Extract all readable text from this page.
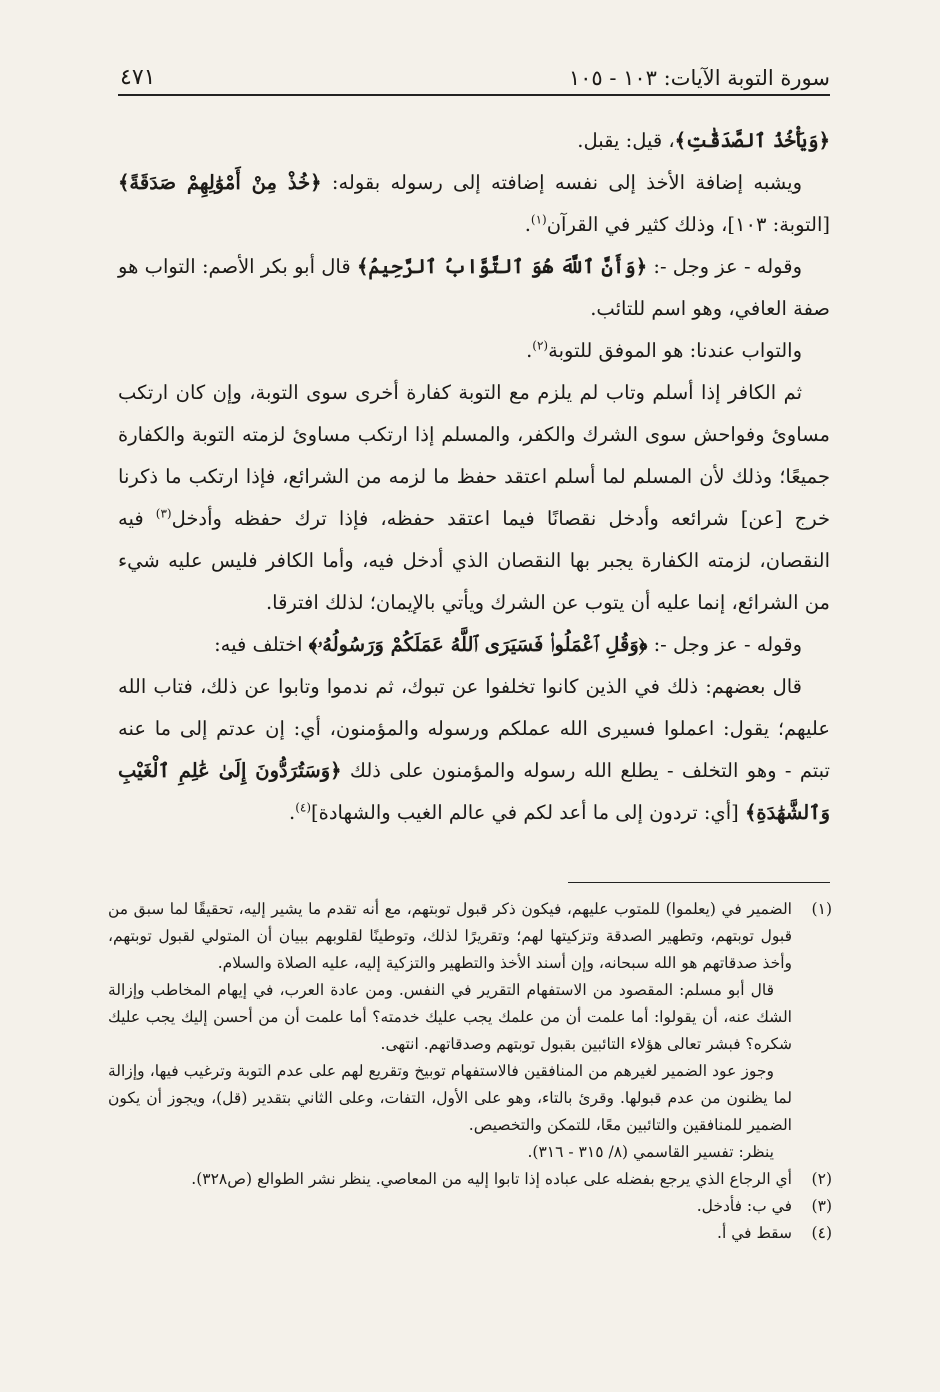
سورة التوبة الآيات: ١٠٣ - ١٠٥
٤٧١

﴿وَيَأْخُذُ ٱلصَّدَقَٰتِ﴾، قيل: يقبل.

ويشبه إضافة الأخذ إلى نفسه إضافته إلى رسوله بقوله: ﴿خُذْ مِنْ أَمْوَٰلِهِمْ صَدَقَةً﴾ [التوبة: ١٠٣]، وذلك كثير في القرآن$^{(١)}$.

وقوله - عز وجل -: ﴿وَأَنَّ ٱللَّهَ هُوَ ٱلتَّوَّابُ ٱلرَّحِيمُ﴾ قال أبو بكر الأصم: التواب هو صفة العافي، وهو اسم للتائب.

والتواب عندنا: هو الموفق للتوبة$^{(٢)}$.

ثم الكافر إذا أسلم وتاب لم يلزم مع التوبة كفارة أخرى سوى التوبة، وإن كان ارتكب مساوئ وفواحش سوى الشرك والكفر، والمسلم إذا ارتكب مساوئ لزمته التوبة والكفارة جميعًا؛ وذلك لأن المسلم لما أسلم اعتقد حفظ ما لزمه من الشرائع، فإذا ارتكب ما ذكرنا خرج [عن] شرائعه وأدخل نقصانًا فيما اعتقد حفظه، فإذا ترك حفظه وأدخل$^{(٣)}$ فيه النقصان، لزمته الكفارة يجبر بها النقصان الذي أدخل فيه، وأما الكافر فليس عليه شيء من الشرائع، إنما عليه أن يتوب عن الشرك ويأتي بالإيمان؛ لذلك افترقا.

وقوله - عز وجل -: ﴿وَقُلِ ٱعْمَلُوا۟ فَسَيَرَى ٱللَّهُ عَمَلَكُمْ وَرَسُولُهُۥ﴾ اختلف فيه:

قال بعضهم: ذلك في الذين كانوا تخلفوا عن تبوك، ثم ندموا وتابوا عن ذلك، فتاب الله عليهم؛ يقول: اعملوا فسيرى الله عملكم ورسوله والمؤمنون، أي: إن عدتم إلى ما عنه تبتم - وهو التخلف - يطلع الله رسوله والمؤمنون على ذلك ﴿وَسَتُرَدُّونَ إِلَىٰ عَٰلِمِ ٱلْغَيْبِ وَٱلشَّهَٰدَةِ﴾ [أي: تردون إلى ما أعد لكم في عالم الغيب والشهادة]$^{(٤)}$.

(١)

الضمير في (يعلموا) للمتوب عليهم، فيكون ذكر قبول توبتهم، مع أنه تقدم ما يشير إليه، تحقيقًا لما سبق من قبول توبتهم، وتطهير الصدقة وتزكيتها لهم؛ وتقريرًا لذلك، وتوطينًا لقلوبهم ببيان أن المتولي لقبول توبتهم، وأخذ صدقاتهم هو الله سبحانه، وإن أسند الأخذ والتطهير والتزكية إليه، عليه الصلاة والسلام.

قال أبو مسلم: المقصود من الاستفهام التقرير في النفس. ومن عادة العرب، في إيهام المخاطب وإزالة الشك عنه، أن يقولوا: أما علمت أن من علمك يجب عليك خدمته؟ أما علمت أن من أحسن إليك يجب عليك شكره؟ فبشر تعالى هؤلاء التائبين بقبول توبتهم وصدقاتهم. انتهى.

وجوز عود الضمير لغيرهم من المنافقين فالاستفهام توبيخ وتقريع لهم على عدم التوبة وترغيب فيها، وإزالة لما يظنون من عدم قبولها. وقرئ بالتاء، وهو على الأول، التفات، وعلى الثاني بتقدير (قل)، ويجوز أن يكون الضمير للمنافقين والتائبين معًا، للتمكن والتخصيص.

ينظر: تفسير القاسمي (٨/ ٣١٥ - ٣١٦).

(٢)

أي الرجاع الذي يرجع بفضله على عباده إذا تابوا إليه من المعاصي. ينظر نشر الطوالع (ص٣٢٨).

(٣)

في ب: فأدخل.

(٤)

سقط في أ.
